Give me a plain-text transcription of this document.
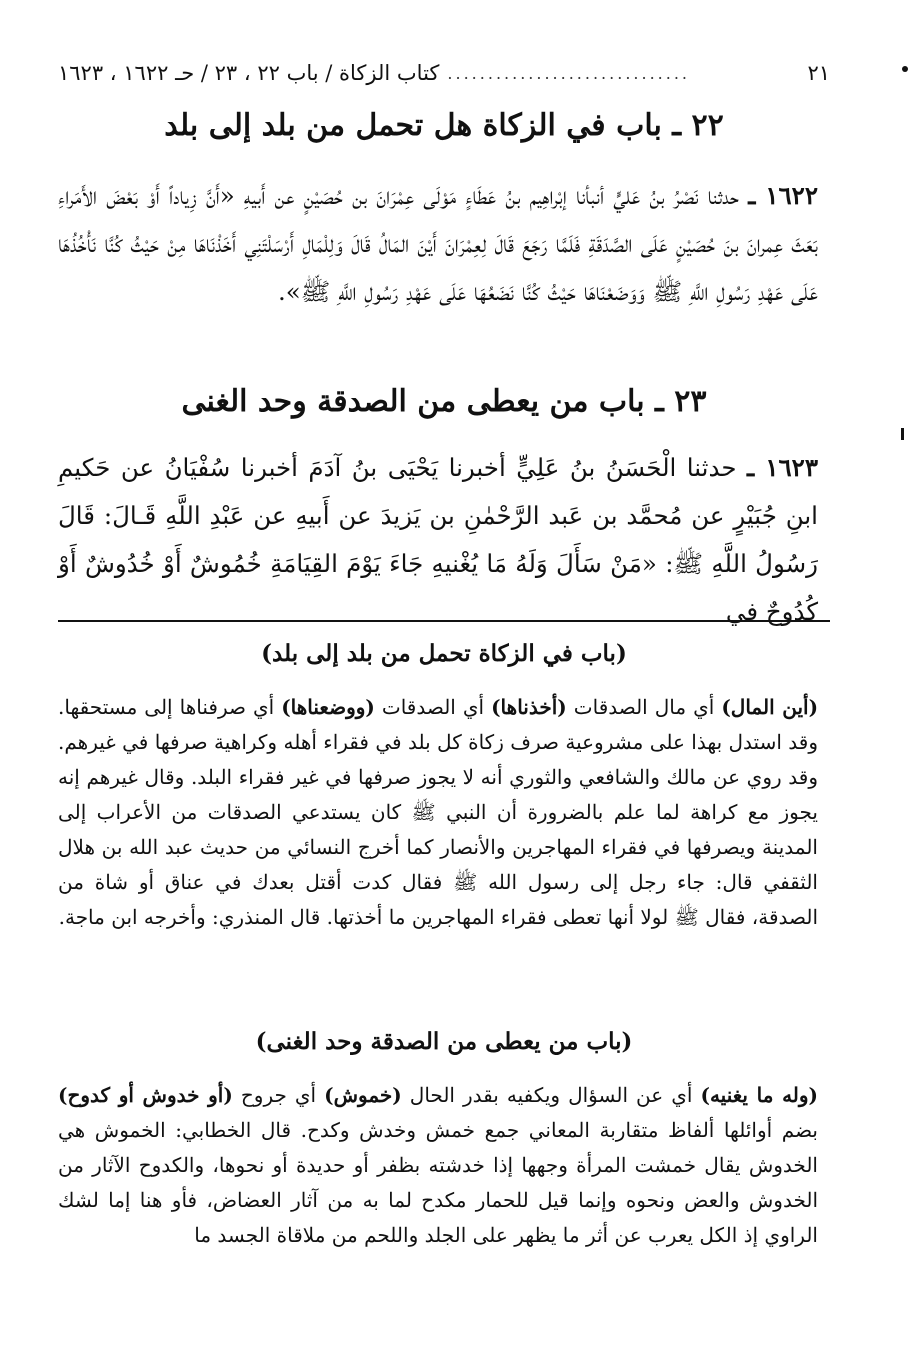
كتاب الزكاة / باب ٢٢ ، ٢٣ / حـ ١٦٢٢ ، ١٦٢٣ ..............................	٢١
٢٢ ـ باب في الزكاة هل تحمل من بلد إلى بلد
١٦٢٢ ـ حدثنا نَصْرُ بنُ عَليٍّ أنبأنا إبْراهِيم بنُ عَطَاءٍ مَوْلَى عِمْرَانَ بن حُصَيْنٍ عن أَبيهِ «أَنَّ زِياداً أَوْ بَعْضَ الأَمَراءِ بَعَثَ عِمرانَ بنَ حُصَيْنٍ عَلَى الصَّدَقَةِ فَلَمَّا رَجَعَ قَالَ لِعِمْرَانَ أَيْنَ المَالُ قَالَ وَلِلْمَالِ أَرْسَلْتَنِي أَخَذْنَاهَا مِنْ حَيْثُ كُنَّا نَأْخُذُهَا عَلَى عَهْدِ رَسُولِ اللَّهِ ﷺ وَوَضَعْنَاهَا حَيْثُ كُنَّا نَضَعُهَا عَلَى عَهْدِ رَسُولِ اللَّهِ ﷺ».
٢٣ ـ باب من يعطى من الصدقة وحد الغنى
١٦٢٣ ـ حدثنا الْحَسَنُ بنُ عَلِيٍّ أخبرنا يَحْيَى بنُ آدَمَ أخبرنا سُفْيَانُ عن حَكيمِ ابنِ جُبَيْرٍ عن مُحمَّد بن عَبد الرَّحْمٰنِ بن يَزيدَ عن أَبيهِ عن عَبْدِ اللَّهِ قَـالَ: قَالَ رَسُولُ اللَّهِ ﷺ: «مَنْ سَأَلَ وَلَهُ مَا يُغْنيهِ جَاءَ يَوْمَ القِيَامَةِ خُمُوشٌ أَوْ خُدُوشٌ أَوْ كُدُوحٌ في
(باب في الزكاة تحمل من بلد إلى بلد)
(أين المال) أي مال الصدقات (أخذناها) أي الصدقات (ووضعناها) أي صرفناها إلى مستحقها. وقد استدل بهذا على مشروعية صرف زكاة كل بلد في فقراء أهله وكراهية صرفها في غيرهم. وقد روي عن مالك والشافعي والثوري أنه لا يجوز صرفها في غير فقراء البلد. وقال غيرهم إنه يجوز مع كراهة لما علم بالضرورة أن النبي ﷺ كان يستدعي الصدقات من الأعراب إلى المدينة ويصرفها في فقراء المهاجرين والأنصار كما أخرج النسائي من حديث عبد الله بن هلال الثقفي قال: جاء رجل إلى رسول الله ﷺ فقال كدت أقتل بعدك في عناق أو شاة من الصدقة، فقال ﷺ لولا أنها تعطى فقراء المهاجرين ما أخذتها. قال المنذري: وأخرجه ابن ماجة.
(باب من يعطى من الصدقة وحد الغنى)
(وله ما يغنيه) أي عن السؤال ويكفيه بقدر الحال (خموش) أي جروح (أو خدوش أو كدوح) بضم أوائلها ألفاظ متقاربة المعاني جمع خمش وخدش وكدح. قال الخطابي: الخموش هي الخدوش يقال خمشت المرأة وجهها إذا خدشته بظفر أو حديدة أو نحوها، والكدوح الآثار من الخدوش والعض ونحوه وإنما قيل للحمار مكدح لما به من آثار العضاض، فأو هنا إما لشك الراوي إذ الكل يعرب عن أثر ما يظهر على الجلد واللحم من ملاقاة الجسد ما
